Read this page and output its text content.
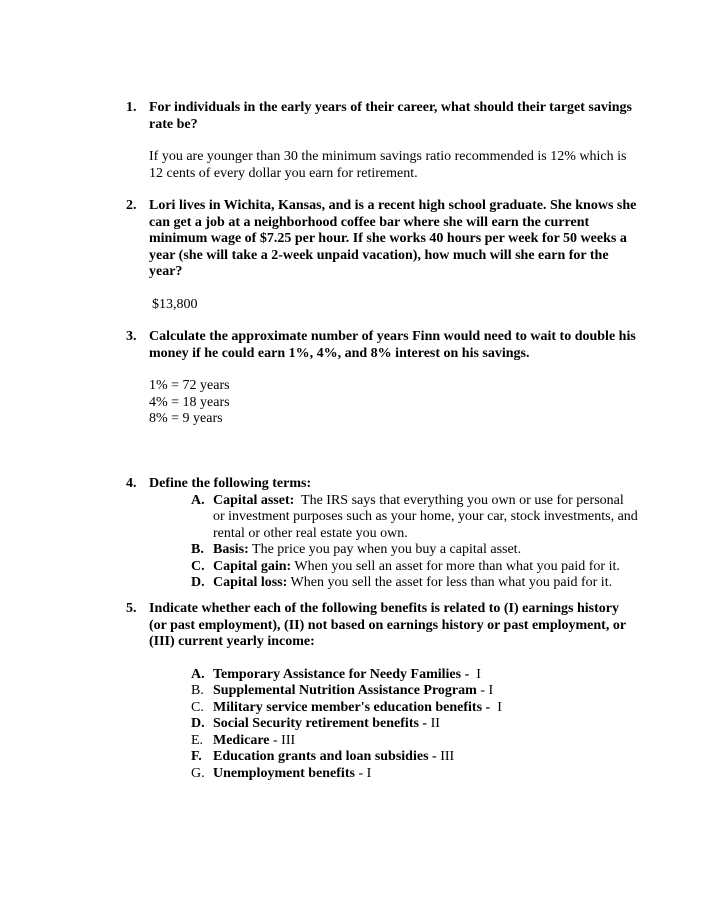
1. For individuals in the early years of their career, what should their target savings rate be?

If you are younger than 30 the minimum savings ratio recommended is 12% which is 12 cents of every dollar you earn for retirement.

2. Lori lives in Wichita, Kansas, and is a recent high school graduate. She knows she can get a job at a neighborhood coffee bar where she will earn the current minimum wage of $7.25 per hour. If she works 40 hours per week for 50 weeks a year (she will take a 2-week unpaid vacation), how much will she earn for the year?

$13,800

3. Calculate the approximate number of years Finn would need to wait to double his money if he could earn 1%, 4%, and 8% interest on his savings.

1% = 72 years

4% = 18 years

8% = 9 years

4. Define the following terms:
A. Capital asset:  The IRS says that everything you own or use for personal or investment purposes such as your home, your car, stock investments, and rental or other real estate you own.
B. Basis: The price you pay when you buy a capital asset.
C. Capital gain: When you sell an asset for more than what you paid for it.
D. Capital loss: When you sell the asset for less than what you paid for it.
5. Indicate whether each of the following benefits is related to (I) earnings history (or past employment), (II) not based on earnings history or past employment, or (III) current yearly income:
A. Temporary Assistance for Needy Families -  I
B. Supplemental Nutrition Assistance Program - I
C. Military service member's education benefits -  I
D. Social Security retirement benefits - II
E. Medicare - III
F. Education grants and loan subsidies - III
G. Unemployment benefits - I
